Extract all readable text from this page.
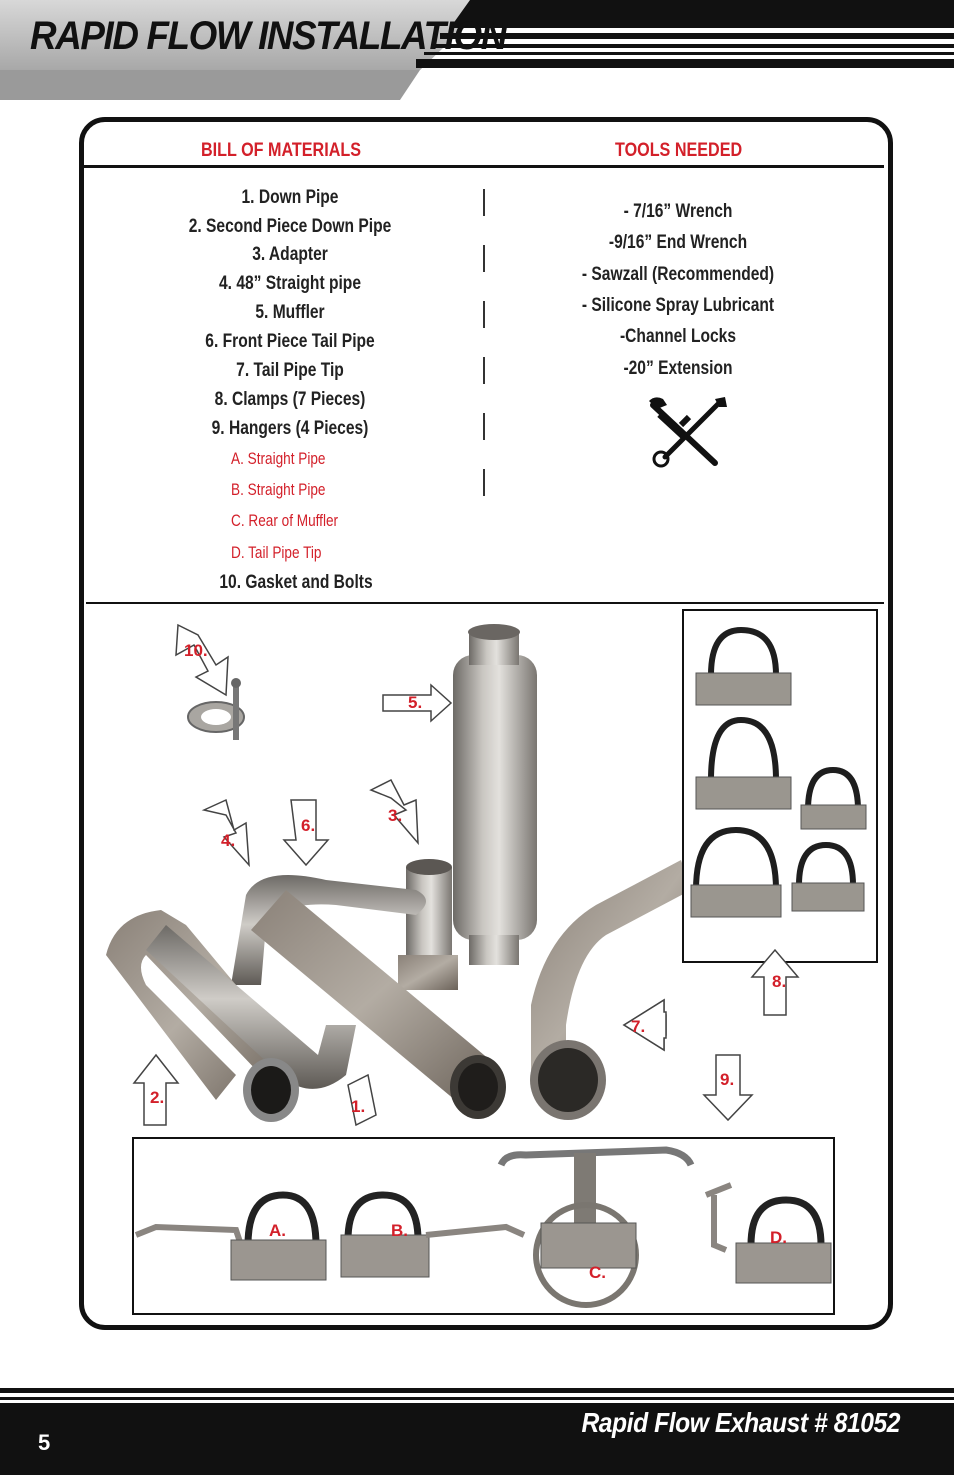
RAPID FLOW INSTALLATION
BILL OF MATERIALS	TOOLS NEEDED
1. Down Pipe
2. Second Piece Down Pipe
3. Adapter
4. 48” Straight pipe
5. Muffler
6. Front Piece Tail Pipe
7. Tail Pipe Tip
8. Clamps (7 Pieces)
9. Hangers (4 Pieces)
A. Straight Pipe
B. Straight Pipe
C. Rear of Muffler
D. Tail Pipe Tip
10. Gasket and Bolts
- 7/16” Wrench
-9/16” End Wrench
- Sawzall (Recommended)
- Silicone Spray Lubricant
-Channel Locks
-20” Extension
10.
5.
4.
6.
3.
2.	1.
7.
8.
9.
A.	B.
C.
D.
5
Rapid Flow Exhaust # 81052
